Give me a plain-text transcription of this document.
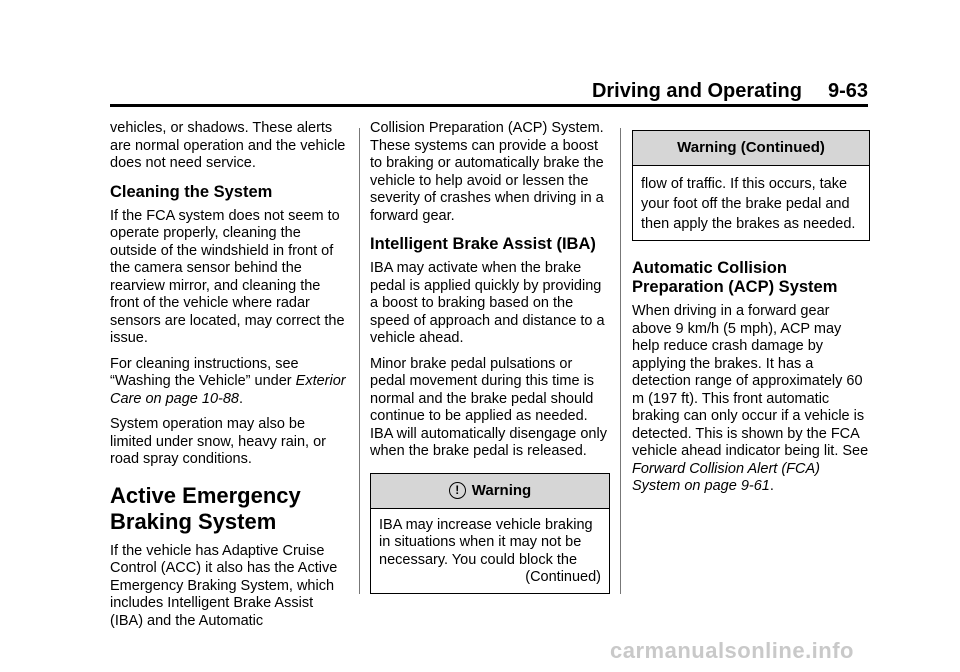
Driving and Operating 9-63

vehicles, or shadows. These alerts are normal operation and the vehicle does not need service.

Cleaning the System

If the FCA system does not seem to operate properly, cleaning the outside of the windshield in front of the camera sensor behind the rearview mirror, and cleaning the front of the vehicle where radar sensors are located, may correct the issue.

For cleaning instructions, see “Washing the Vehicle” under Exterior Care on page 10-88.

System operation may also be limited under snow, heavy rain, or road spray conditions.

Active Emergency Braking System

If the vehicle has Adaptive Cruise Control (ACC) it also has the Active Emergency Braking System, which includes Intelligent Brake Assist (IBA) and the Automatic

Collision Preparation (ACP) System. These systems can provide a boost to braking or automatically brake the vehicle to help avoid or lessen the severity of crashes when driving in a forward gear.

Intelligent Brake Assist (IBA)

IBA may activate when the brake pedal is applied quickly by providing a boost to braking based on the speed of approach and distance to a vehicle ahead.

Minor brake pedal pulsations or pedal movement during this time is normal and the brake pedal should continue to be applied as needed. IBA will automatically disengage only when the brake pedal is released.

! Warning

IBA may increase vehicle braking in situations when it may not be necessary. You could block the

(Continued)

Warning (Continued)

flow of traffic. If this occurs, take your foot off the brake pedal and then apply the brakes as needed.

Automatic Collision Preparation (ACP) System

When driving in a forward gear above 9 km/h (5 mph), ACP may help reduce crash damage by applying the brakes. It has a detection range of approximately 60 m (197 ft). This front automatic braking can only occur if a vehicle is detected. This is shown by the FCA vehicle ahead indicator being lit. See Forward Collision Alert (FCA) System on page 9-61.

carmanualsonline.info
